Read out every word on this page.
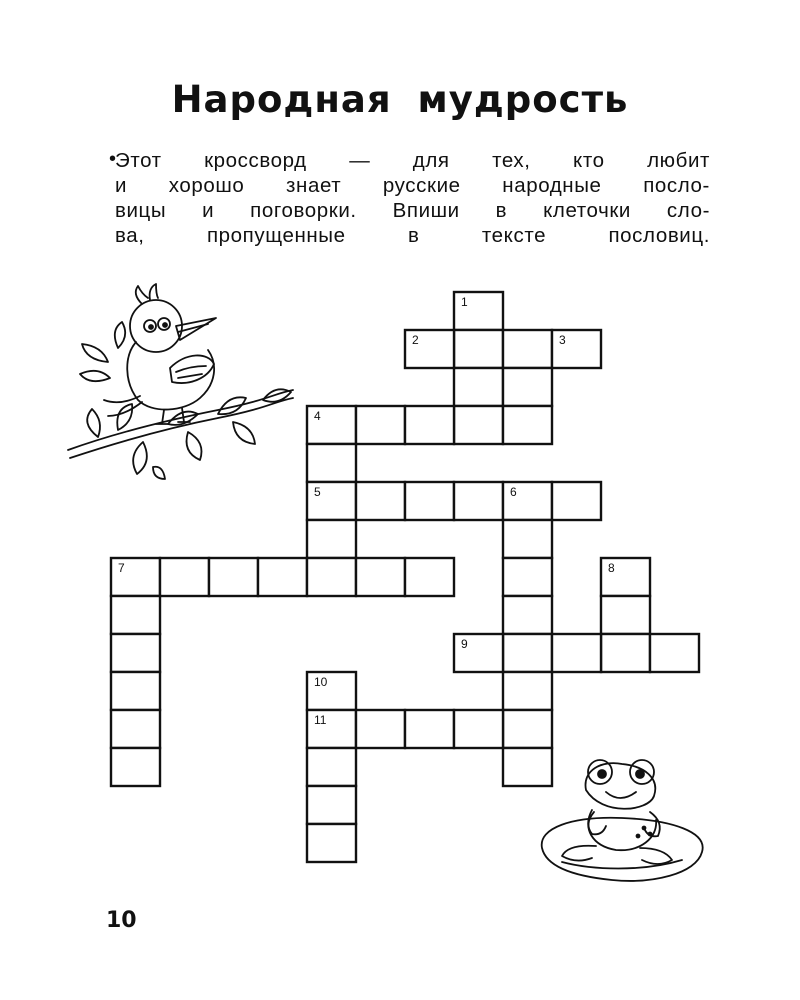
Народная мудрость
•
Этот кроссворд — для тех, кто любит
и хорошо знает русские народные посло-
вицы и поговорки. Впиши в клеточки сло-
ва, пропущенные в тексте пословиц.
1
2	3
4
5	6
7	8
9
10
11
10
